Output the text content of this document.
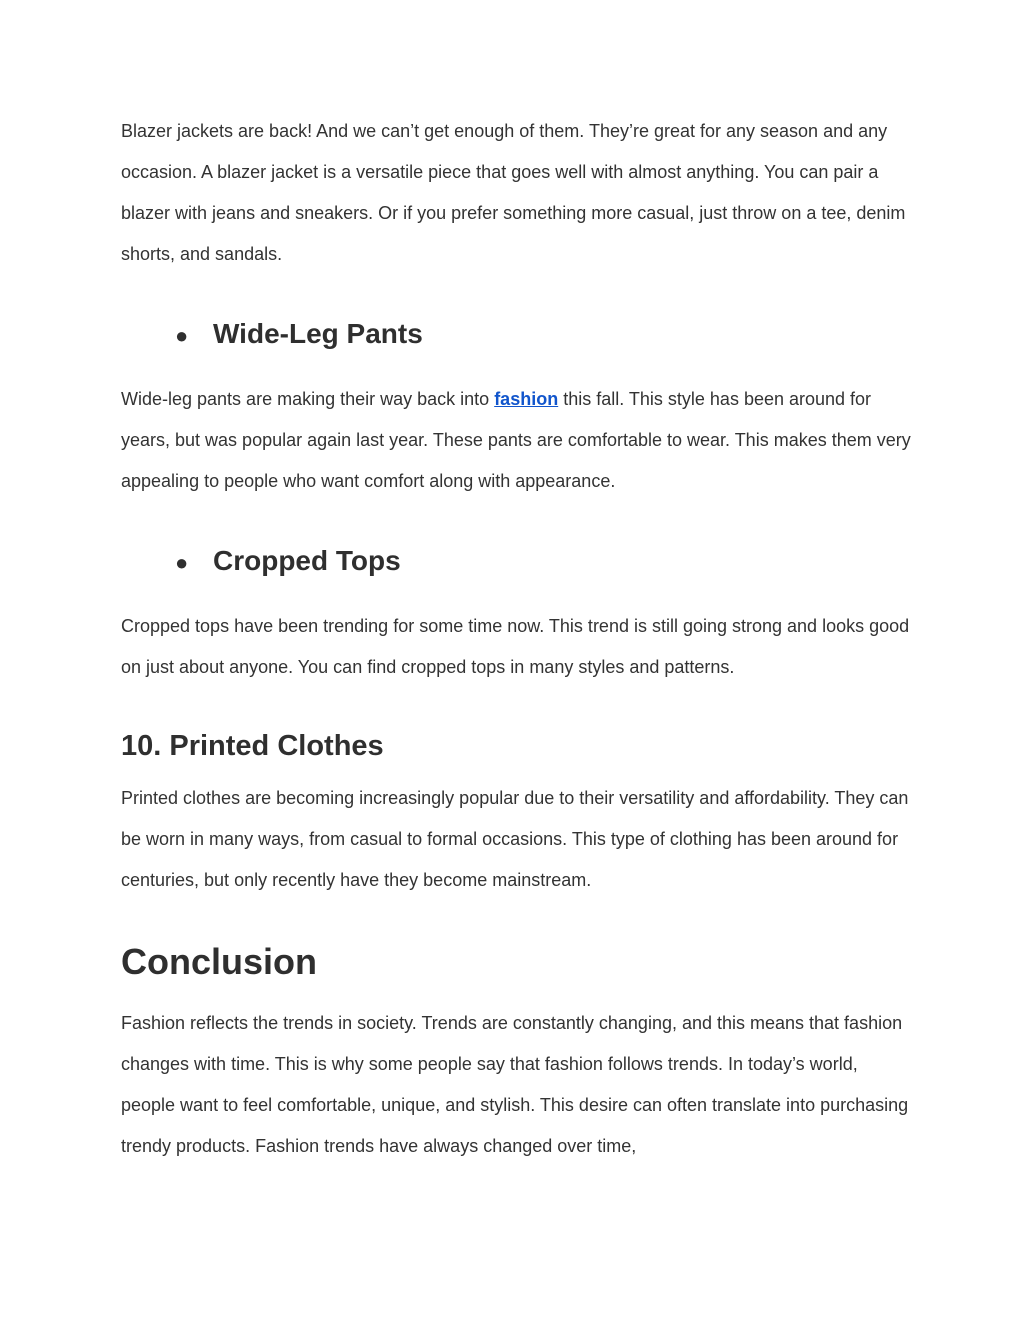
Blazer jackets are back! And we can’t get enough of them. They’re great for any season and any occasion. A blazer jacket is a versatile piece that goes well with almost anything. You can pair a blazer with jeans and sneakers. Or if you prefer something more casual, just throw on a tee, denim shorts, and sandals.

● Wide-Leg Pants

Wide-leg pants are making their way back into fashion this fall. This style has been around for years, but was popular again last year. These pants are comfortable to wear. This makes them very appealing to people who want comfort along with appearance.

● Cropped Tops

Cropped tops have been trending for some time now. This trend is still going strong and looks good on just about anyone. You can find cropped tops in many styles and patterns.

10. Printed Clothes

Printed clothes are becoming increasingly popular due to their versatility and affordability. They can be worn in many ways, from casual to formal occasions. This type of clothing has been around for centuries, but only recently have they become mainstream.

Conclusion

Fashion reflects the trends in society. Trends are constantly changing, and this means that fashion changes with time. This is why some people say that fashion follows trends. In today’s world, people want to feel comfortable, unique, and stylish. This desire can often translate into purchasing trendy products. Fashion trends have always changed over time,
